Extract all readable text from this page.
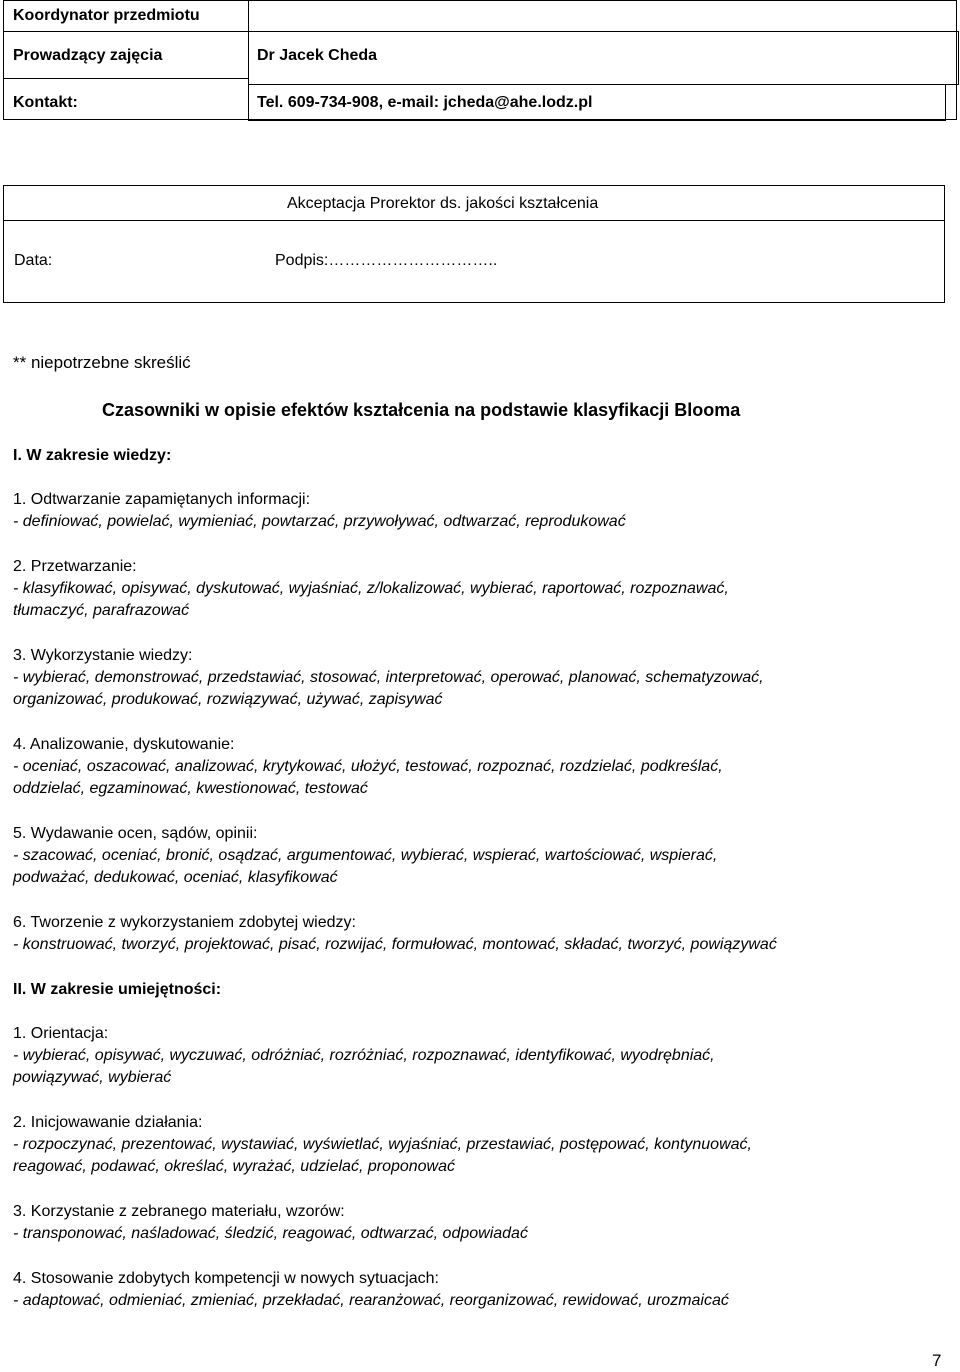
Koordynator przedmiotu
Prowadzący zajęcia	Dr Jacek Cheda
Kontakt:	Tel. 609-734-908, e-mail: jcheda@ahe.lodz.pl
Akceptacja Prorektor ds. jakości kształcenia
Data:	Podpis:…………………………..
** niepotrzebne skreślić
Czasowniki w opisie efektów kształcenia na podstawie klasyfikacji Blooma
I. W zakresie wiedzy:
1. Odtwarzanie zapamiętanych informacji:
- definiować, powielać, wymieniać, powtarzać, przywoływać, odtwarzać, reprodukować
2. Przetwarzanie:
- klasyfikować, opisywać, dyskutować, wyjaśniać, z/lokalizować, wybierać, raportować, rozpoznawać,
tłumaczyć, parafrazować
3. Wykorzystanie wiedzy:
- wybierać, demonstrować, przedstawiać, stosować, interpretować, operować, planować, schematyzować,
organizować, produkować, rozwiązywać, używać, zapisywać
4. Analizowanie, dyskutowanie:
- oceniać, oszacować, analizować, krytykować, ułożyć, testować, rozpoznać, rozdzielać, podkreślać,
oddzielać, egzaminować, kwestionować, testować
5. Wydawanie ocen, sądów, opinii:
- szacować, oceniać, bronić, osądzać, argumentować, wybierać, wspierać, wartościować, wspierać,
podważać, dedukować, oceniać, klasyfikować
6. Tworzenie z wykorzystaniem zdobytej wiedzy:
- konstruować, tworzyć, projektować, pisać, rozwijać, formułować, montować, składać, tworzyć, powiązywać
II. W zakresie umiejętności:
1. Orientacja:
- wybierać, opisywać, wyczuwać, odróżniać, rozróżniać, rozpoznawać, identyfikować, wyodrębniać,
powiązywać, wybierać
2. Inicjowawanie działania:
- rozpoczynać, prezentować, wystawiać, wyświetlać, wyjaśniać, przestawiać, postępować, kontynuować,
reagować, podawać, określać, wyrażać, udzielać, proponować
3. Korzystanie z zebranego materiału, wzorów:
- transponować, naśladować, śledzić, reagować, odtwarzać, odpowiadać
4. Stosowanie zdobytych kompetencji w nowych sytuacjach:
- adaptować, odmieniać, zmieniać, przekładać, rearanżować, reorganizować, rewidować, urozmaicać
7
